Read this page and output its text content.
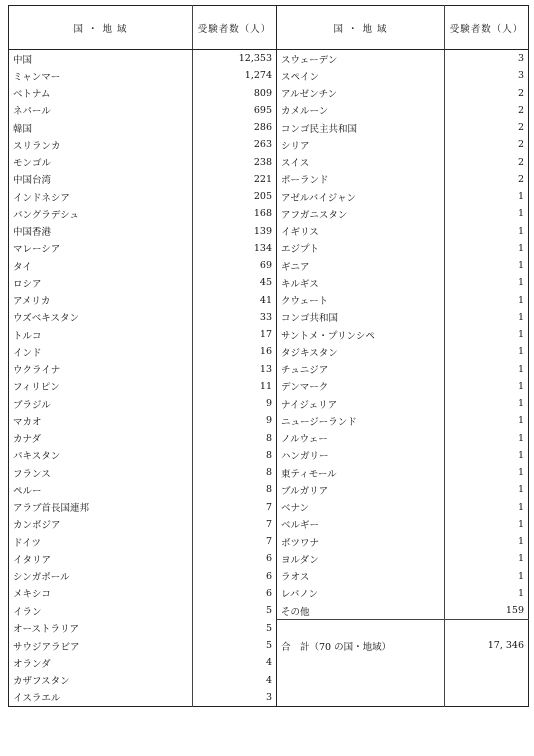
国 ・ 地 域	受験者数（人）	国 ・ 地 域	受験者数（人）
中国	12,353	スウェーデン	3
ミャンマー	1,274	スペイン	3
ベトナム	809	アルゼンチン	2
ネパール	695	カメルーン	2
韓国	286	コンゴ民主共和国	2
スリランカ	263	シリア	2
モンゴル	238	スイス	2
中国台湾	221	ポーランド	2
インドネシア	205	アゼルバイジャン	1
バングラデシュ	168	アフガニスタン	1
中国香港	139	イギリス	1
マレーシア	134	エジプト	1
タイ	69	ギニア	1
ロシア	45	キルギス	1
アメリカ	41	クウェート	1
ウズベキスタン	33	コンゴ共和国	1
トルコ	17	サントメ・プリンシペ	1
インド	16	タジキスタン	1
ウクライナ	13	チュニジア	1
フィリピン	11	デンマーク	1
ブラジル	9	ナイジェリア	1
マカオ	9	ニュージーランド	1
カナダ	8	ノルウェー	1
パキスタン	8	ハンガリー	1
フランス	8	東ティモール	1
ペルー	8	ブルガリア	1
アラブ首長国連邦	7	ベナン	1
カンボジア	7	ベルギー	1
ドイツ	7	ボツワナ	1
イタリア	6	ヨルダン	1
シンガポール	6	ラオス	1
メキシコ	6	レバノン	1
イラン	5	その他	159
オーストラリア	5	合　計（70 の国・地域）	17, 346
サウジアラビア	5		
オランダ	4		
カザフスタン	4		
イスラエル	3		
